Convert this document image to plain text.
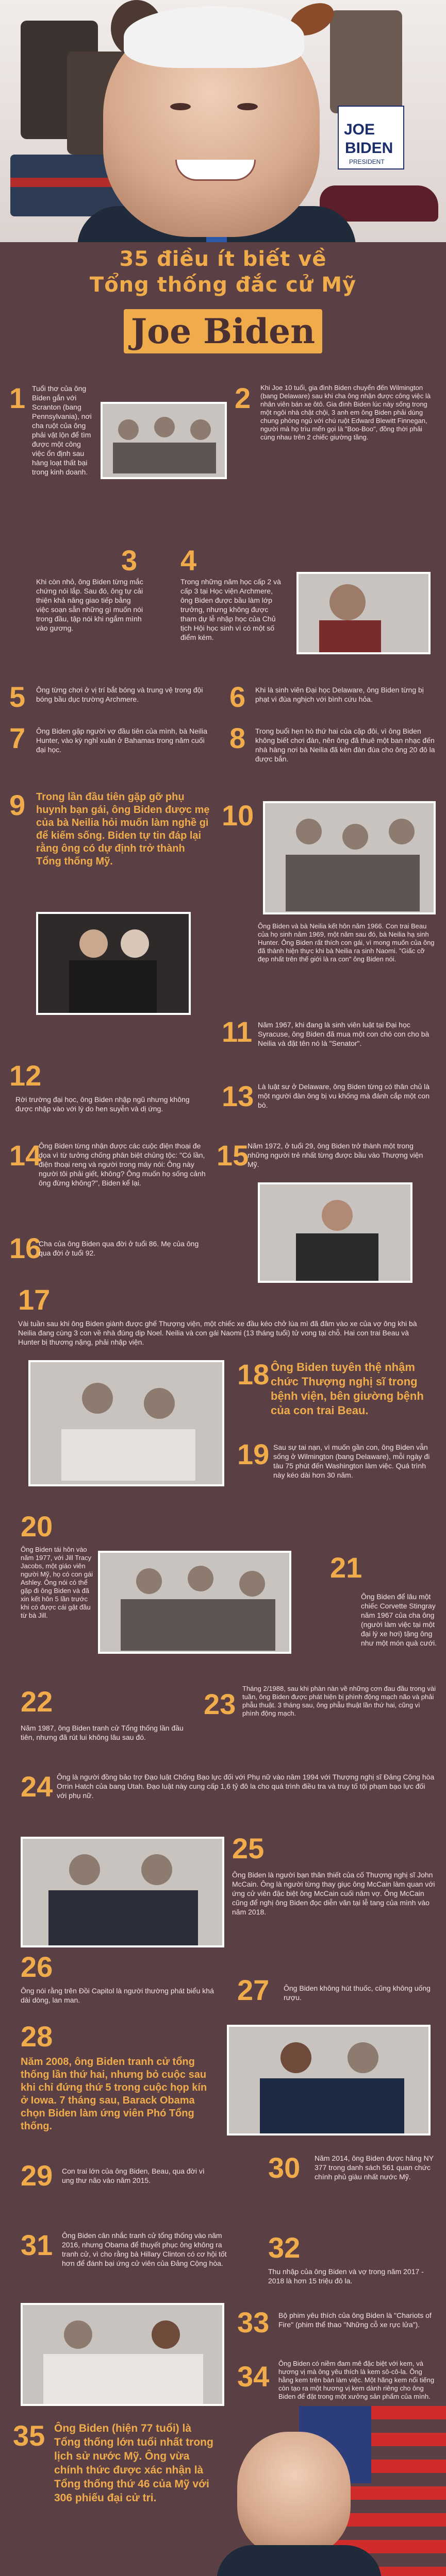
JOE
BIDEN
PRESIDENT
35 điều ít biết về
Tổng thống đắc cử Mỹ
Joe Biden
1 Tuổi thơ của ông Biden gắn với Scranton (bang Pennsylvania), nơi cha ruột của ông phải vật lộn để tìm được một công việc ổn định sau hàng loạt thất bại trong kinh doanh.
2 Khi Joe 10 tuổi, gia đình Biden chuyển đến Wilmington (bang Delaware) sau khi cha ông nhận được công việc là nhân viên bán xe ôtô. Gia đình Biden lúc này sống trong một ngôi nhà chật chội, 3 anh em ông Biden phải dùng chung phòng ngủ với chú ruột Edward Blewitt Finnegan, người mà họ trìu mến gọi là "Boo-Boo", đồng thời phải cùng nhau trên 2 chiếc giường tầng.
3
Khi còn nhỏ, ông Biden từng mắc chứng nói lắp. Sau đó, ông tự cải thiện khả năng giao tiếp bằng việc soạn sẵn những gì muốn nói trong đầu, tập nói khi ngắm mình vào gương.
4
Trong những năm học cấp 2 và cấp 3 tại Học viện Archmere, ông Biden được bầu làm lớp trưởng, nhưng không được tham dự lễ nhập học của Chủ tịch Hội học sinh vì có một số điểm kém.
5 Ông từng chơi ở vị trí bắt bóng và trung vệ trong đội bóng bầu dục trường Archmere.	6 Khi là sinh viên Đại học Delaware, ông Biden từng bị phạt vì đùa nghịch với bình cứu hỏa.
7 Ông Biden gặp người vợ đầu tiên của mình, bà Neilia Hunter, vào kỳ nghỉ xuân ở Bahamas trong năm cuối đại học.	8 Trong buổi hẹn hò thứ hai của cặp đôi, vì ông Biden không biết chơi đàn, nên ông đã thuê một ban nhạc đến nhà hàng nơi bà Neilia đã kèn đàn đùa cho ông 20 đô la được bắn.
9 Trong lần đầu tiên gặp gỡ phụ huynh bạn gái, ông Biden được mẹ của bà Neilia hỏi muốn làm nghề gì để kiếm sống. Biden tự tin đáp lại rằng ông có dự định trở thành Tổng thống Mỹ.
10
Ông Biden và bà Neilia kết hôn năm 1966. Con trai Beau của họ sinh năm 1969, một năm sau đó, bà Neilia hạ sinh Hunter. Ông Biden rất thích con gái, vì mong muốn của ông đã thành hiện thực khi bà Neilia ra sinh Naomi. "Giấc cỡ đẹp nhất trên thế giới là ra con" ông Biden nói.
11 Năm 1967, khi đang là sinh viên luật tại Đại học Syracuse, ông Biden đã mua một con chó con cho bà Neilia và đặt tên nó là "Senator".
12
Rời trường đại học, ông Biden nhập ngũ nhưng không được nhập vào với lý do hen suyễn và dị ứng.	13 Là luật sư ở Delaware, ông Biden từng có thân chủ là một người đàn ông bị vu khống mà đánh cắp một con bò.
14
Ông Biden từng nhận được các cuộc điện thoại đe dọa vì từ tưởng chống phân biệt chủng tộc: "Có lần, điện thoại reng và người trong máy nói: Ông này người tôi phải giết, không? Ông muốn họ sống cảnh ông đừng không?", Biden kể lại.
15
Năm 1972, ở tuổi 29, ông Biden trở thành một trong những người trẻ nhất từng được bầu vào Thượng viện Mỹ.
16
Cha của ông Biden qua đời ở tuổi 86. Mẹ của ông qua đời ở tuổi 92.
17
Vài tuần sau khi ông Biden giành được ghế Thượng viện, một chiếc xe đầu kéo chở lúa mì đã đâm vào xe của vợ ông khi bà Neilia đang cùng 3 con về nhà đúng dịp Noel. Neilia và con gái Naomi (13 tháng tuổi) tử vong tại chỗ. Hai con trai Beau và Hunter bị thương nặng, phải nhập viện.
18 Ông Biden tuyên thệ nhậm chức Thượng nghị sĩ trong bệnh viện, bên giường bệnh của con trai Beau.
19 Sau sự tai nạn, vì muốn gần con, ông Biden vẫn sống ở Wilmington (bang Delaware), mỗi ngày đi tàu 75 phút đến Washington làm việc. Quá trình này kéo dài hơn 30 năm.
20
Ông Biden tái hôn vào năm 1977, với Jill Tracy Jacobs, một giáo viên người Mỹ, họ có con gái Ashley. Ông nói có thể gặp đi ông Biden và đã xin kết hôn 5 lần trước khi có được cái gật đầu từ bà Jill.
21
Ông Biden để lâu một chiếc Corvette Stingray năm 1967 của cha ông (người làm việc tại một đại lý xe hơi) tặng ông như một món quà cưới.
22
Năm 1987, ông Biden tranh cử Tổng thống lần đầu tiên, nhưng đã rút lui không lâu sau đó.
23 Tháng 2/1988, sau khi phàn nàn về những cơn đau đầu trong vài tuần, ông Biden được phát hiện bị phình động mạch não và phải phẫu thuật. 3 tháng sau, ông phẫu thuật lần thứ hai, cũng vì phình động mạch.
24 Ông là người đồng bảo trợ Đạo luật Chống Bạo lực đối với Phụ nữ vào năm 1994 với Thượng nghị sĩ Đảng Cộng hòa Orrin Hatch của bang Utah. Đạo luật này cung cấp 1,6 tỷ đô la cho quá trình điều tra và truy tố tội phạm bạo lực đối với phụ nữ.
25
Ông Biden là người bạn thân thiết của cố Thượng nghị sĩ John McCain. Ông là người từng thay giục ông McCain làm quan với ứng cử viên đặc biệt ông McCain cuối năm vợ. Ông McCain cũng để nghị ông Biden đọc diễn văn tại lễ tang của mình vào năm 2018.
26
Ông nói rằng trên Đồi Capitol là người thường phát biểu khá dài dòng, lan man.	27 Ông Biden không hút thuốc, cũng không uống rượu.
28
Năm 2008, ông Biden tranh cử tổng thống lần thứ hai, nhưng bỏ cuộc sau khi chỉ đứng thứ 5 trong cuộc họp kín ở Iowa. 7 tháng sau, Barack Obama chọn Biden làm ứng viên Phó Tổng thống.
29 Con trai lớn của ông Biden, Beau, qua đời vì ung thư não vào năm 2015.	30 Năm 2014, ông Biden được hãng NY 377 trong danh sách 561 quan chức chính phủ giàu nhất nước Mỹ.
31 Ông Biden cân nhắc tranh cử tổng thống vào năm 2016, nhưng Obama để thuyết phục ông không ra tranh cử, vì cho rằng bà Hillary Clinton có cơ hội tốt hơn để đánh bại ứng cử viên của Đảng Cộng hòa. 32
Thu nhập của ông Biden và vợ trong năm 2017 - 2018 là hơn 15 triệu đô la.
33 Bộ phim yêu thích của ông Biden là "Chariots of Fire" (phim thể thao "Những cỗ xe rực lửa").
34 Ông Biden có niềm đam mê đặc biệt với kem, và hương vị mà ông yêu thích là kem sô-cô-la. Ông hằng kem trên bàn làm việc. Một hãng kem nổi tiếng còn tạo ra một hương vị kem dành riêng cho ông Biden để đặt trong một xưởng sản phẩm của mình.
35 Ông Biden (hiện 77 tuổi) là Tổng thống lớn tuổi nhất trong lịch sử nước Mỹ. Ông vừa chính thức được xác nhận là Tổng thống thứ 46 của Mỹ với 306 phiếu đại cử tri.
